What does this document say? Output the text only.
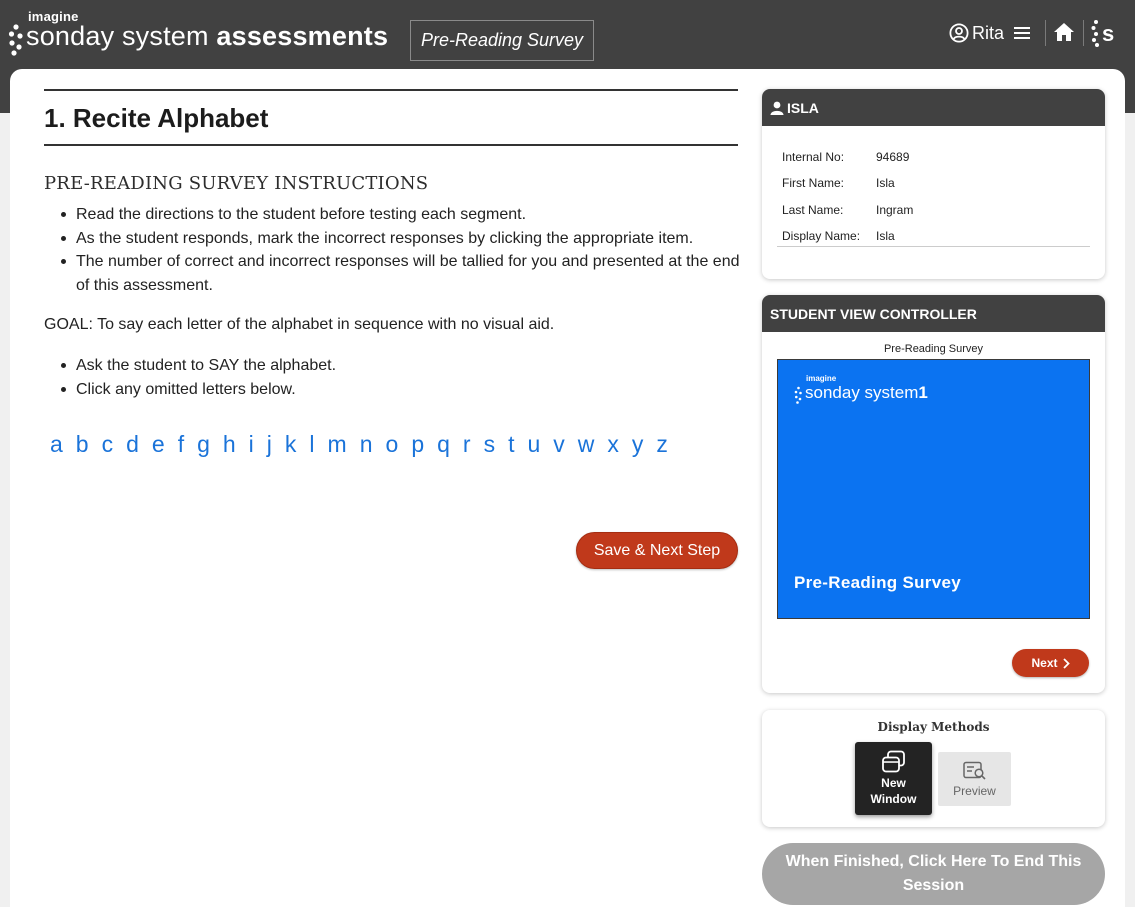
imagine
sonday system assessments	Pre-Reading Survey	Rita	s
1. Recite Alphabet
PRE-READING SURVEY INSTRUCTIONS
Read the directions to the student before testing each segment.
As the student responds, mark the incorrect responses by clicking the appropriate item.
The number of correct and incorrect responses will be tallied for you and presented at the end of this assessment.
GOAL: To say each letter of the alphabet in sequence with no visual aid.
Ask the student to SAY the alphabet.
Click any omitted letters below.
a b c d e f g h i j k l m n o p q r s t u v w x y z
Save & Next Step
ISLA
Internal No:	94689
First Name:	Isla
Last Name:	Ingram
Display Name:	Isla
STUDENT VIEW CONTROLLER
Pre-Reading Survey
imagine
sonday system1
Pre-Reading Survey
Next
Display Methods
New
Window
Preview
When Finished, Click Here To End This Session
